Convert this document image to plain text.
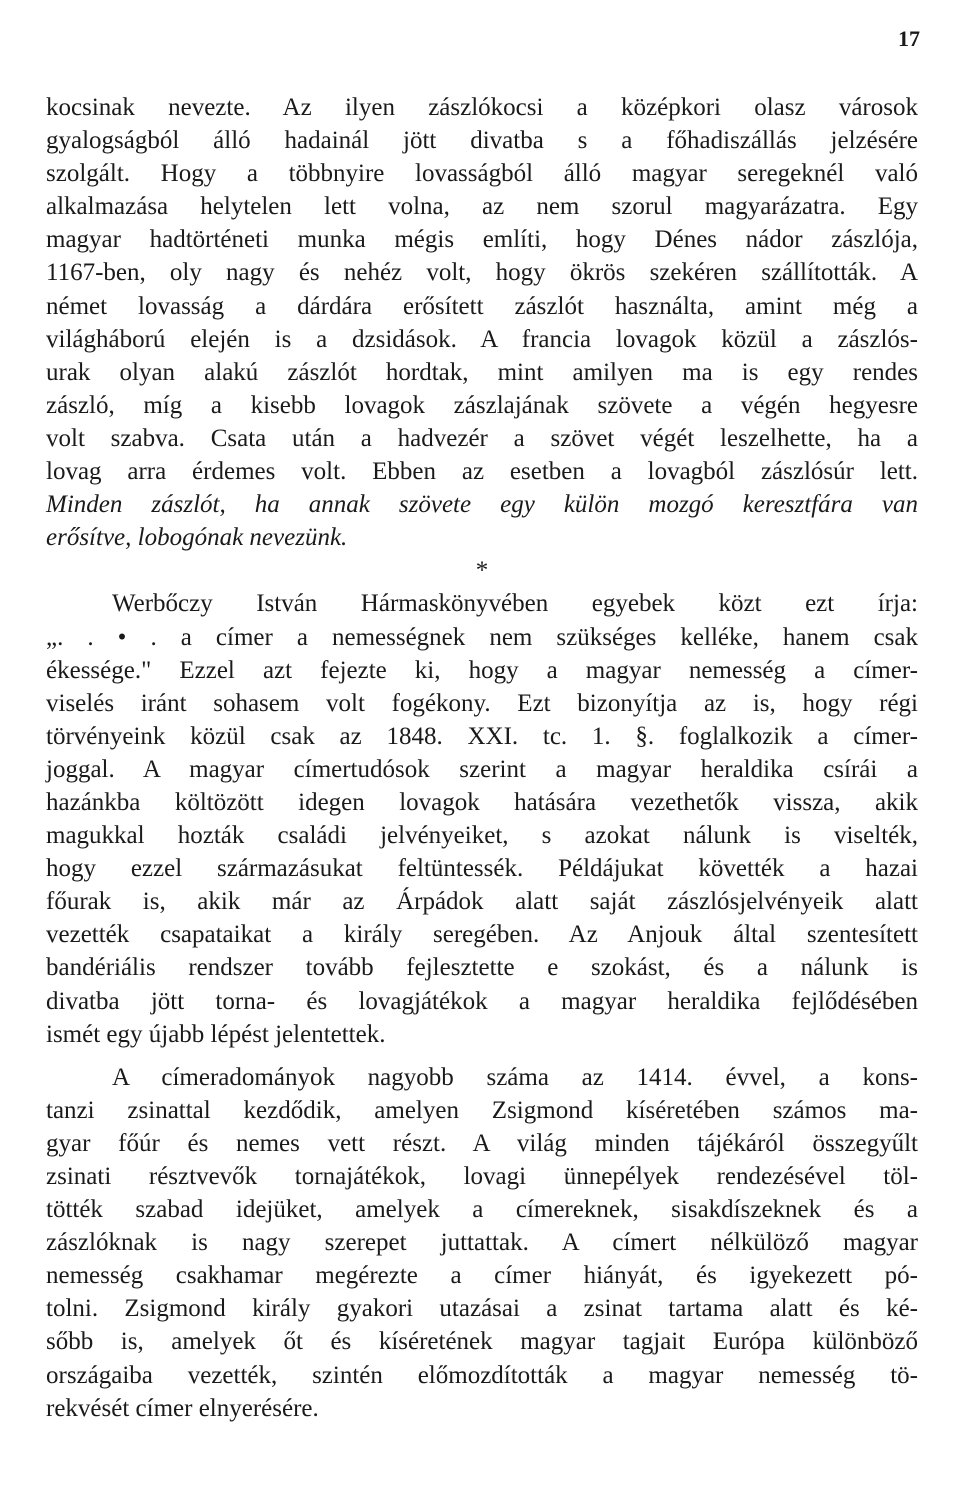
17
kocsinak nevezte. Az ilyen zászlókocsi a középkori olasz városok
gyalogságból álló hadainál jött divatba s a főhadiszállás jelzésére
szolgált. Hogy a többnyire lovasságból álló magyar seregeknél való
alkalmazása helytelen lett volna, az nem szorul magyarázatra. Egy
magyar hadtörténeti munka mégis említi, hogy Dénes nádor zászlója,
1167-ben, oly nagy és nehéz volt, hogy ökrös szekéren szállították. A
német lovasság a dárdára erősített zászlót használta, amint még a
világháború elején is a dzsidások. A francia lovagok közül a zászlós-
urak olyan alakú zászlót hordtak, mint amilyen ma is egy rendes
zászló, míg a kisebb lovagok zászlajának szövete a végén hegyesre
volt szabva. Csata után a hadvezér a szövet végét leszelhette, ha a
lovag arra érdemes volt. Ebben az esetben a lovagból zászlósúr lett.
Minden zászlót, ha annak szövete egy külön mozgó keresztfára van
erősítve, lobogónak nevezünk.
*
Werbőczy István Hármaskönyvében egyebek közt ezt írja:
„. . • . a címer a nemességnek nem szükséges kelléke, hanem csak
ékessége." Ezzel azt fejezte ki, hogy a magyar nemesség a címer-
viselés iránt sohasem volt fogékony. Ezt bizonyítja az is, hogy régi
törvényeink közül csak az 1848. XXI. tc. 1. §. foglalkozik a címer-
joggal. A magyar címertudósok szerint a magyar heraldika csírái a
hazánkba költözött idegen lovagok hatására vezethetők vissza, akik
magukkal hozták családi jelvényeiket, s azokat nálunk is viselték,
hogy ezzel származásukat feltüntessék. Példájukat követték a hazai
főurak is, akik már az Árpádok alatt saját zászlósjelvényeik alatt
vezették csapataikat a király seregében. Az Anjouk által szentesített
bandériális rendszer tovább fejlesztette e szokást, és a nálunk is
divatba jött torna- és lovagjátékok a magyar heraldika fejlődésében
ismét egy újabb lépést jelentettek.
A címeradományok nagyobb száma az 1414. évvel, a kons-
tanzi zsinattal kezdődik, amelyen Zsigmond kíséretében számos ma-
gyar főúr és nemes vett részt. A világ minden tájékáról összegyűlt
zsinati résztvevők tornajátékok, lovagi ünnepélyek rendezésével töl-
tötték szabad idejüket, amelyek a címereknek, sisakdíszeknek és a
zászlóknak is nagy szerepet juttattak. A címert nélkülöző magyar
nemesség csakhamar megérezte a címer hiányát, és igyekezett pó-
tolni. Zsigmond király gyakori utazásai a zsinat tartama alatt és ké-
sőbb is, amelyek őt és kíséretének magyar tagjait Európa különböző
országaiba vezették, szintén előmozdították a magyar nemesség tö-
rekvését címer elnyerésére.
